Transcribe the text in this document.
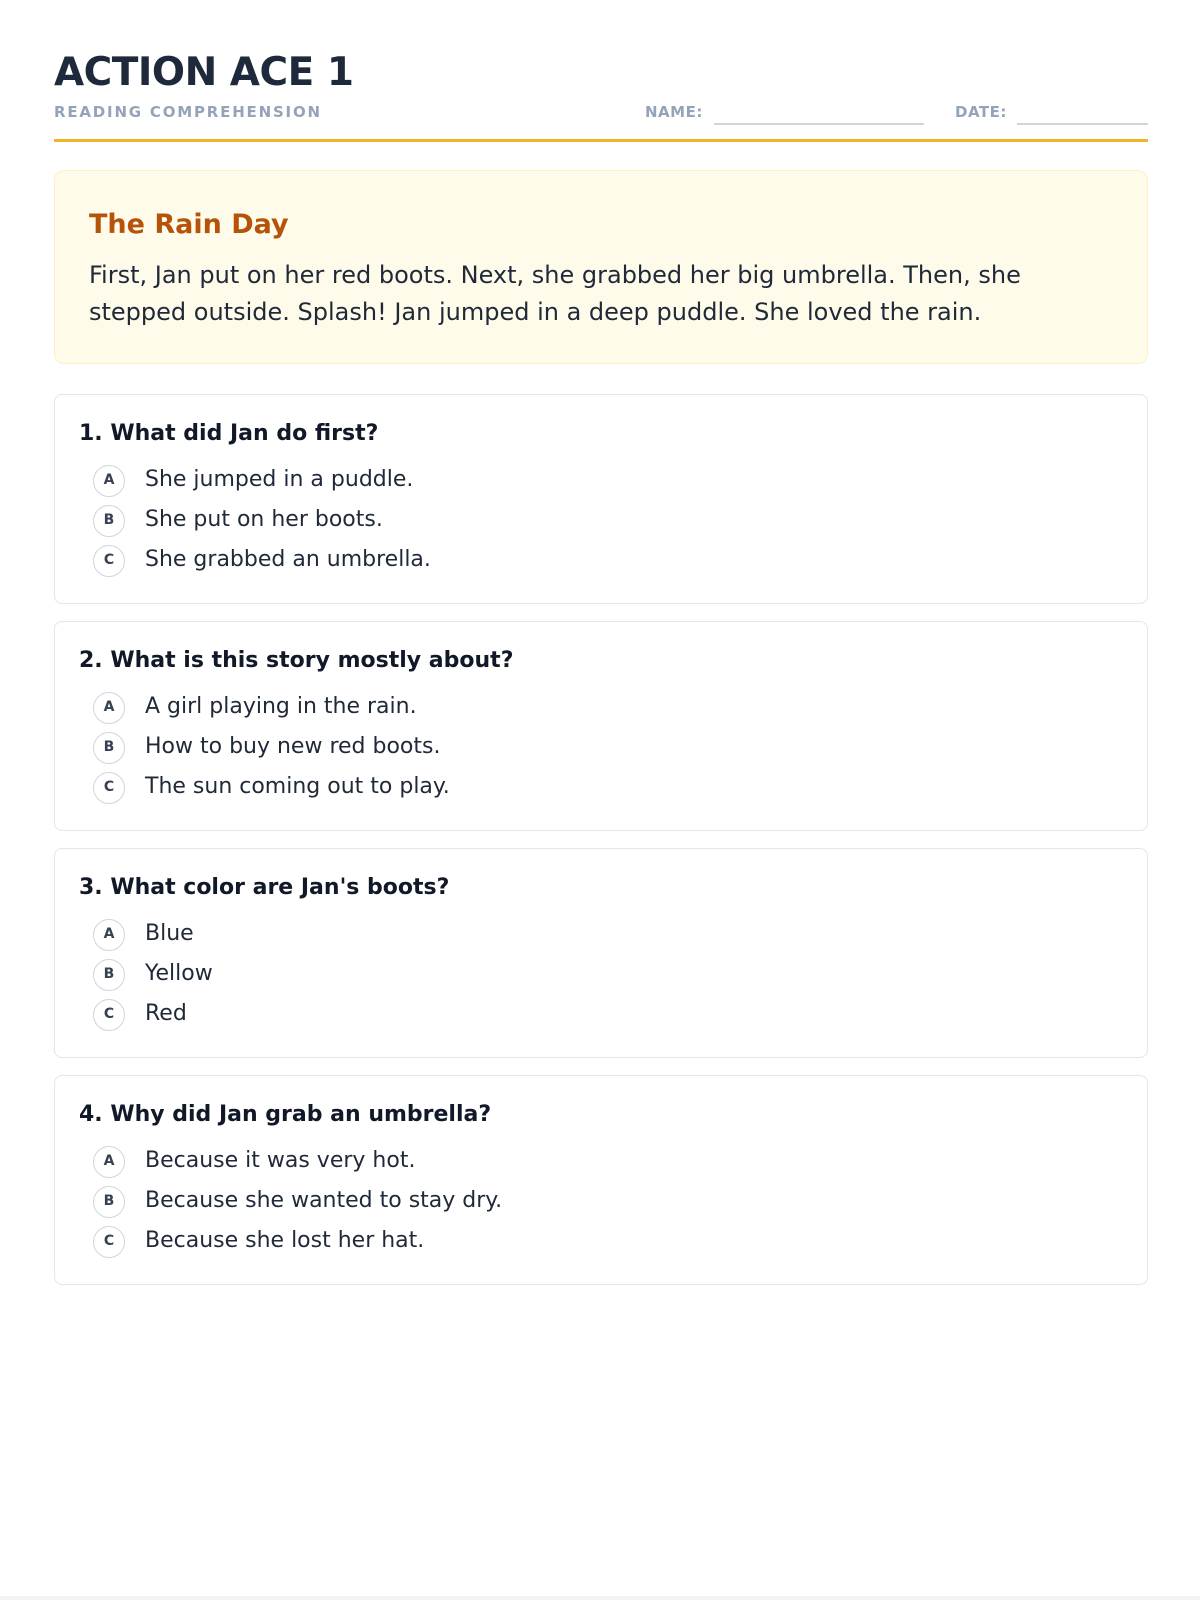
ACTION ACE 1
READING COMPREHENSION	NAME:	DATE:
The Rain Day
First, Jan put on her red boots. Next, she grabbed her big umbrella. Then, she stepped outside. Splash! Jan jumped in a deep puddle. She loved the rain.
1. What did Jan do first?
A	She jumped in a puddle.
B	She put on her boots.
C	She grabbed an umbrella.
2. What is this story mostly about?
A	A girl playing in the rain.
B	How to buy new red boots.
C	The sun coming out to play.
3. What color are Jan's boots?
A	Blue
B	Yellow
C	Red
4. Why did Jan grab an umbrella?
A	Because it was very hot.
B	Because she wanted to stay dry.
C	Because she lost her hat.
